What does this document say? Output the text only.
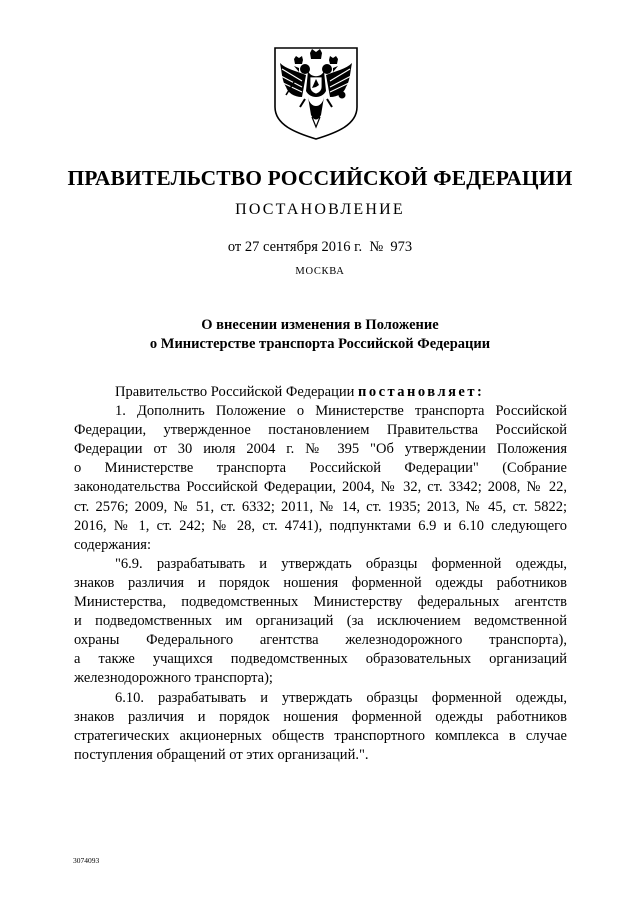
ПРАВИТЕЛЬСТВО РОССИЙСКОЙ ФЕДЕРАЦИИ
ПОСТАНОВЛЕНИЕ
от 27 сентября 2016 г.  №  973
МОСКВА
О внесении изменения в Положение
о Министерстве транспорта Российской Федерации
Правительство Российской Федерации постановляет:
1. Дополнить Положение о Министерстве транспорта Российской
Федерации, утвержденное постановлением Правительства Российской
Федерации от 30 июля 2004 г. № 395 "Об утверждении Положения
о Министерстве транспорта Российской Федерации" (Собрание
законодательства Российской Федерации, 2004, № 32, ст. 3342; 2008, № 22,
ст. 2576; 2009, № 51, ст. 6332; 2011, № 14, ст. 1935; 2013, № 45, ст. 5822;
2016, № 1, ст. 242; № 28, ст. 4741), подпунктами 6.9 и 6.10 следующего
содержания:
"6.9. разрабатывать и утверждать образцы форменной одежды,
знаков различия и порядок ношения форменной одежды работников
Министерства, подведомственных Министерству федеральных агентств
и подведомственных им организаций (за исключением ведомственной
охраны Федерального агентства железнодорожного транспорта),
а также учащихся подведомственных образовательных организаций
железнодорожного транспорта);
6.10. разрабатывать и утверждать образцы форменной одежды,
знаков различия и порядок ношения форменной одежды работников
стратегических акционерных обществ транспортного комплекса в случае
поступления обращений от этих организаций.".
3074093
